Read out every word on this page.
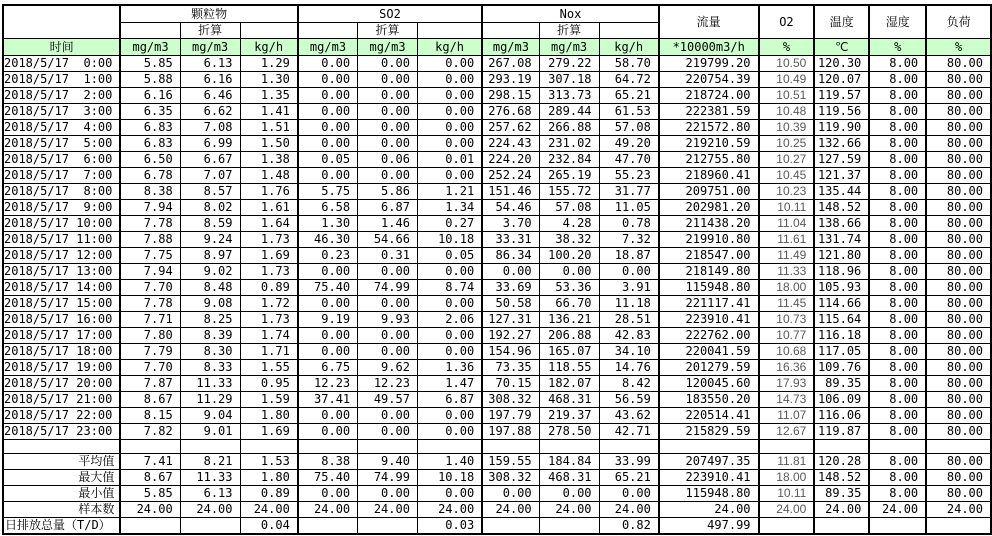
	颗粒物			SO2			Nox			流量	O2	温度	湿度	负荷
		折算			折算			折算						
时间	mg/m3	mg/m3	kg/h	mg/m3	mg/m3	kg/h	mg/m3	mg/m3	kg/h	*10000m3/h	%	℃	%	%
2018/5/17  0:00	5.85	6.13	1.29	0.00	0.00	0.00	267.08	279.22	58.70	219799.20	10.50	120.30	8.00	80.00
2018/5/17  1:00	5.88	6.16	1.30	0.00	0.00	0.00	293.19	307.18	64.72	220754.39	10.49	120.07	8.00	80.00
2018/5/17  2:00	6.16	6.46	1.35	0.00	0.00	0.00	298.15	313.73	65.21	218724.00	10.51	119.57	8.00	80.00
2018/5/17  3:00	6.35	6.62	1.41	0.00	0.00	0.00	276.68	289.44	61.53	222381.59	10.48	119.56	8.00	80.00
2018/5/17  4:00	6.83	7.08	1.51	0.00	0.00	0.00	257.62	266.88	57.08	221572.80	10.39	119.90	8.00	80.00
2018/5/17  5:00	6.83	6.99	1.50	0.00	0.00	0.00	224.43	231.02	49.20	219210.59	10.25	132.66	8.00	80.00
2018/5/17  6:00	6.50	6.67	1.38	0.05	0.06	0.01	224.20	232.84	47.70	212755.80	10.27	127.59	8.00	80.00
2018/5/17  7:00	6.78	7.07	1.48	0.00	0.00	0.00	252.24	265.19	55.23	218960.41	10.45	121.37	8.00	80.00
2018/5/17  8:00	8.38	8.57	1.76	5.75	5.86	1.21	151.46	155.72	31.77	209751.00	10.23	135.44	8.00	80.00
2018/5/17  9:00	7.94	8.02	1.61	6.58	6.87	1.34	54.46	57.08	11.05	202981.20	10.11	148.52	8.00	80.00
2018/5/17 10:00	7.78	8.59	1.64	1.30	1.46	0.27	3.70	4.28	0.78	211438.20	11.04	138.66	8.00	80.00
2018/5/17 11:00	7.88	9.24	1.73	46.30	54.66	10.18	33.31	38.32	7.32	219910.80	11.61	131.74	8.00	80.00
2018/5/17 12:00	7.75	8.97	1.69	0.23	0.31	0.05	86.34	100.20	18.87	218547.00	11.49	121.80	8.00	80.00
2018/5/17 13:00	7.94	9.02	1.73	0.00	0.00	0.00	0.00	0.00	0.00	218149.80	11.33	118.96	8.00	80.00
2018/5/17 14:00	7.70	8.48	0.89	75.40	74.99	8.74	33.69	53.36	3.91	115948.80	18.00	105.93	8.00	80.00
2018/5/17 15:00	7.78	9.08	1.72	0.00	0.00	0.00	50.58	66.70	11.18	221117.41	11.45	114.66	8.00	80.00
2018/5/17 16:00	7.71	8.25	1.73	9.19	9.93	2.06	127.31	136.21	28.51	223910.41	10.73	115.64	8.00	80.00
2018/5/17 17:00	7.80	8.39	1.74	0.00	0.00	0.00	192.27	206.88	42.83	222762.00	10.77	116.18	8.00	80.00
2018/5/17 18:00	7.79	8.30	1.71	0.00	0.00	0.00	154.96	165.07	34.10	220041.59	10.68	117.05	8.00	80.00
2018/5/17 19:00	7.70	8.33	1.55	6.75	9.62	1.36	73.35	118.55	14.76	201279.59	16.36	109.76	8.00	80.00
2018/5/17 20:00	7.87	11.33	0.95	12.23	12.23	1.47	70.15	182.07	8.42	120045.60	17.93	89.35	8.00	80.00
2018/5/17 21:00	8.67	11.29	1.59	37.41	49.57	6.87	308.32	468.31	56.59	183550.20	14.73	106.09	8.00	80.00
2018/5/17 22:00	8.15	9.04	1.80	0.00	0.00	0.00	197.79	219.37	43.62	220514.41	11.07	116.06	8.00	80.00
2018/5/17 23:00	7.82	9.01	1.69	0.00	0.00	0.00	197.88	278.50	42.71	215829.59	12.67	119.87	8.00	80.00

平均值	7.41	8.21	1.53	8.38	9.40	1.40	159.55	184.84	33.99	207497.35	11.81	120.28	8.00	80.00
最大值	8.67	11.33	1.80	75.40	74.99	10.18	308.32	468.31	65.21	223910.41	18.00	148.52	8.00	80.00
最小值	5.85	6.13	0.89	0.00	0.00	0.00	0.00	0.00	0.00	115948.80	10.11	89.35	8.00	80.00
样本数	24.00	24.00	24.00	24.00	24.00	24.00	24.00	24.00	24.00	24.00	24.00	24.00	24.00	24.00
日排放总量（T/D）			0.04			0.03			0.82	497.99				
